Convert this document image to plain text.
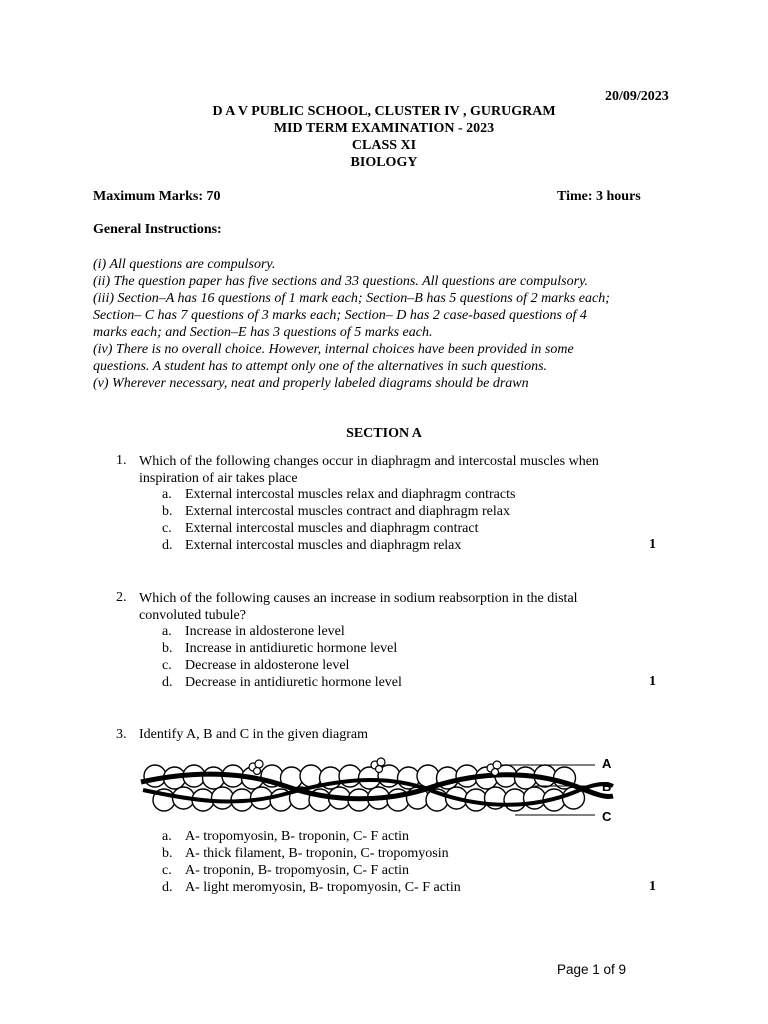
20/09/2023
D A V PUBLIC SCHOOL, CLUSTER IV , GURUGRAM
MID TERM EXAMINATION - 2023
CLASS XI
BIOLOGY
Maximum Marks: 70	Time: 3 hours
General Instructions:
(i) All questions are compulsory.
(ii) The question paper has five sections and 33 questions. All questions are compulsory.
(iii) Section–A has 16 questions of 1 mark each; Section–B has 5 questions of 2 marks each;
Section– C has 7 questions of 3 marks each; Section– D has 2 case-based questions of 4
marks each; and Section–E has 3 questions of 5 marks each.
(iv) There is no overall choice. However, internal choices have been provided in some
questions. A student has to attempt only one of the alternatives in such questions.
(v) Wherever necessary, neat and properly labeled diagrams should be drawn
SECTION A
1. Which of the following changes occur in diaphragm and intercostal muscles when
inspiration of air takes place
a.
b.
c.
d.
External intercostal muscles relax and diaphragm contracts
External intercostal muscles contract and diaphragm relax
External intercostal muscles and diaphragm contract
External intercostal muscles and diaphragm relax	1
2. Which of the following causes an increase in sodium reabsorption in the distal
convoluted tubule?
a.
b.
c.
d.
Increase in aldosterone level
Increase in antidiuretic hormone level
Decrease in aldosterone level
Decrease in antidiuretic hormone level	1
3. Identify A, B and C in the given diagram
A
B
C
a.
b.
c.
d.
A- tropomyosin, B- troponin, C- F actin
A- thick filament, B- troponin, C- tropomyosin
A- troponin, B- tropomyosin, C- F actin
A- light meromyosin, B- tropomyosin, C- F actin	1
Page 1 of 9
